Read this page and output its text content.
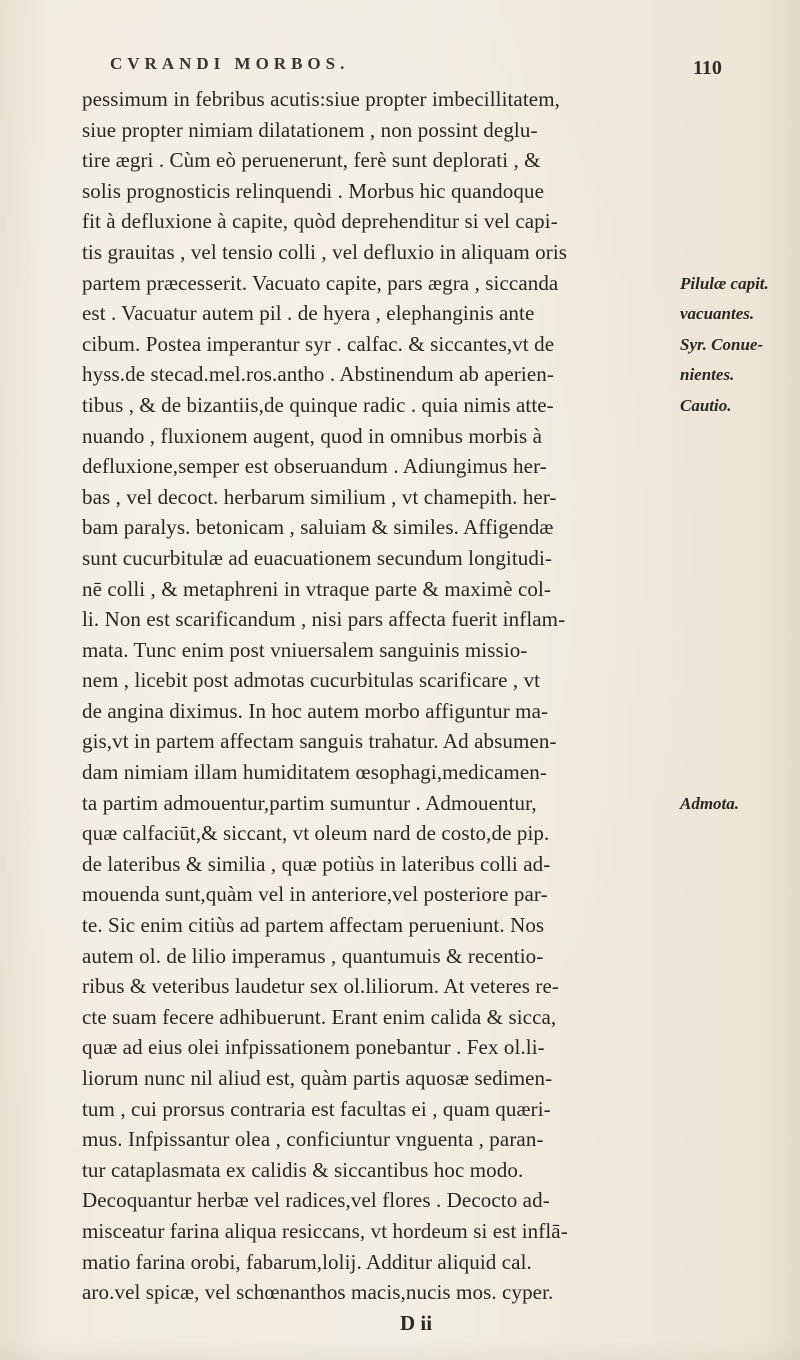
CVRANDI MORBOS.	110
pessimum in febribus acutis:siue propter imbecillitatem,
siue propter nimiam dilatationem , non possint deglu-
tire ægri . Cùm eò peruenerunt, ferè sunt deplorati , &
solis prognosticis relinquendi . Morbus hic quandoque
fit à defluxione à capite, quòd deprehenditur si vel capi-
tis grauitas , vel tensio colli , vel defluxio in aliquam oris
partem præcesserit. Vacuato capite, pars ægra , siccanda
est . Vacuatur autem pil . de hyera , elephanginis ante
cibum. Postea imperantur syr . calfac. & siccantes,vt de
hyss.de stecad.mel.ros.antho . Abstinendum ab aperien-
tibus , & de bizantiis,de quinque radic . quia nimis atte-
nuando , fluxionem augent, quod in omnibus morbis à
defluxione,semper est obseruandum . Adiungimus her-
bas , vel decoct. herbarum similium , vt chamepith. her-
bam paralys. betonicam , saluiam & similes. Affigendæ
sunt cucurbitulæ ad euacuationem secundum longitudi-
nē colli , & metaphreni in vtraque parte & maximè col-
li. Non est scarificandum , nisi pars affecta fuerit inflam-
mata. Tunc enim post vniuersalem sanguinis missio-
nem , licebit post admotas cucurbitulas scarificare , vt
de angina diximus. In hoc autem morbo affiguntur ma-
gis,vt in partem affectam sanguis trahatur. Ad absumen-
dam nimiam illam humiditatem œsophagi,medicamen-
ta partim admouentur,partim sumuntur . Admouentur,
quæ calfaciūt,& siccant, vt oleum nard de costo,de pip.
de lateribus & similia , quæ potiùs in lateribus colli ad-
mouenda sunt,quàm vel in anteriore,vel posteriore par-
te. Sic enim citiùs ad partem affectam perueniunt. Nos
autem ol. de lilio imperamus , quantumuis & recentio-
ribus & veteribus laudetur sex ol.liliorum. At veteres re-
cte suam fecere adhibuerunt. Erant enim calida & sicca,
quæ ad eius olei infpissationem ponebantur . Fex ol.li-
liorum nunc nil aliud est, quàm partis aquosæ sedimen-
tum , cui prorsus contraria est facultas ei , quam quæri-
mus. Infpissantur olea , conficiuntur vnguenta , paran-
tur cataplasmata ex calidis & siccantibus hoc modo.
Decoquantur herbæ vel radices,vel flores . Decocto ad-
misceatur farina aliqua resiccans, vt hordeum si est inflā-
matio farina orobi, fabarum,lolij. Additur aliquid cal.
aro.vel spicæ, vel schœnanthos macis,nucis mos. cyper.
Pilulæ capit.
vacuantes.
Syr. Conue-
nientes.
Cautio.
Admota.
D ii
